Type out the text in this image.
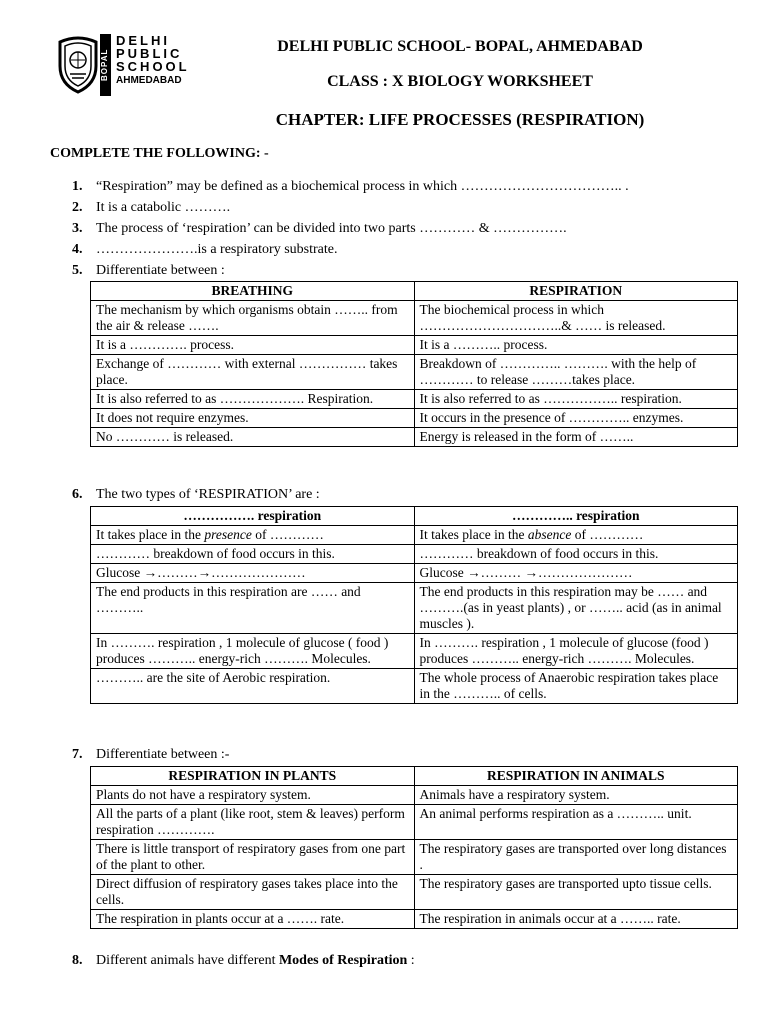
BOPAL
DELHI
PUBLIC
SCHOOL
AHMEDABAD
DELHI PUBLIC SCHOOL- BOPAL, AHMEDABAD
CLASS : X BIOLOGY WORKSHEET
CHAPTER: LIFE PROCESSES (RESPIRATION)
COMPLETE THE FOLLOWING: -
1. “Respiration” may be defined as a biochemical process in which …………………………….. .
2. It is a catabolic ……….
3. The process of ‘respiration’ can be divided into two parts ………… & …………….
4. ………………….is a respiratory substrate.
5. Differentiate between :
BREATHING	RESPIRATION
The mechanism by which organisms obtain …….. from the air & release …….	The biochemical process in which …………………………..& …… is released.
It is a …………. process.	It is a ……….. process.
Exchange of ………… with external …………… takes place.	Breakdown of ………….. ………. with the help of ………… to release ………takes place.
It is also referred to as ………………. Respiration.	It is also referred to as …………….. respiration.
It does not require enzymes.	It occurs in the presence of ………….. enzymes.
No ………… is released.	Energy is released in the form of ……..
6. The two types of ‘RESPIRATION’ are :
……………. respiration	………….. respiration
It takes place in the presence of …………	It takes place in the absence of …………
………… breakdown of food occurs in this.	………… breakdown of food occurs in this.
Glucose →………→…………………	Glucose →……… →…………………
The end products in this respiration are …… and ………..	The end products in this respiration may be …… and ……….(as in yeast plants) , or …….. acid (as in animal muscles ).
In ………. respiration , 1 molecule of glucose ( food ) produces ……….. energy-rich ………. Molecules.	In ………. respiration , 1 molecule of glucose (food ) produces ……….. energy-rich ………. Molecules.
……….. are the site of Aerobic respiration.	The whole process of Anaerobic respiration takes place in the ……….. of cells.
7. Differentiate between :-
RESPIRATION IN PLANTS	RESPIRATION IN ANIMALS
Plants do not have a respiratory system.	Animals have a respiratory system.
All the parts of a plant (like root, stem & leaves) perform respiration ………….	An animal performs respiration as a ……….. unit.
There is little transport of respiratory gases from one part of the plant to other.	The respiratory gases are transported over long distances .
Direct diffusion of respiratory gases takes place into the cells.	The respiratory gases are transported upto tissue cells.
The respiration in plants occur at a ……. rate.	The respiration in animals occur at a …….. rate.
8. Different animals have different Modes of Respiration :
